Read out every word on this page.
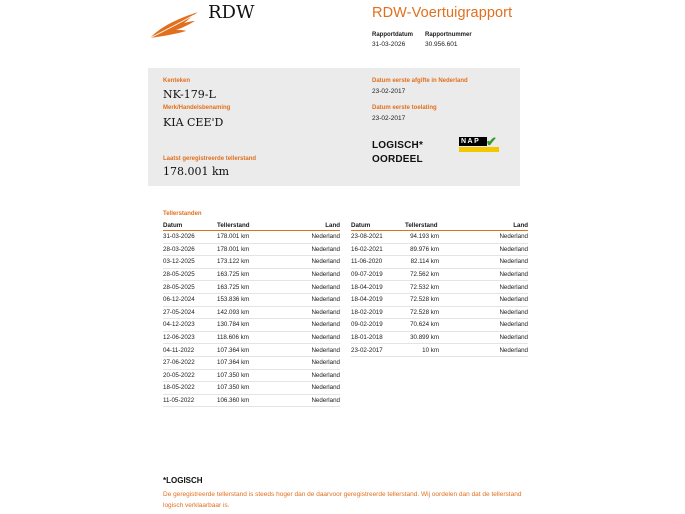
RDW	RDW-Voertuigrapport
Rapportdatum
31-03-2026
Rapportnummer
30.956.601
Kenteken
NK-179-L
Merk/Handelsbenaming
KIA CEE'D
Laatst geregistreerde tellerstand
178.001 km
Datum eerste afgifte in Nederland
23-02-2017
Datum eerste toelating
23-02-2017
LOGISCH*
OORDEEL
NAP ✔
Tellerstanden
Datum	Tellerstand	Land
31-03-2026	178.001 km	Nederland
28-03-2026	178.001 km	Nederland
03-12-2025	173.122 km	Nederland
28-05-2025	163.725 km	Nederland
28-05-2025	163.725 km	Nederland
06-12-2024	153.836 km	Nederland
27-05-2024	142.093 km	Nederland
04-12-2023	130.784 km	Nederland
12-06-2023	118.606 km	Nederland
04-11-2022	107.364 km	Nederland
27-06-2022	107.364 km	Nederland
20-05-2022	107.350 km	Nederland
18-05-2022	107.350 km	Nederland
11-05-2022	106.360 km	Nederland
Datum	Tellerstand	Land
23-08-2021	94.193 km	Nederland
16-02-2021	89.976 km	Nederland
11-06-2020	82.114 km	Nederland
09-07-2019	72.562 km	Nederland
18-04-2019	72.532 km	Nederland
18-04-2019	72.528 km	Nederland
18-02-2019	72.528 km	Nederland
09-02-2019	70.624 km	Nederland
18-01-2018	30.899 km	Nederland
23-02-2017	10 km	Nederland
*LOGISCH
De geregistreerde tellerstand is steeds hoger dan de daarvoor geregistreerde tellerstand. Wij oordelen dan dat de tellerstand logisch verklaarbaar is.
